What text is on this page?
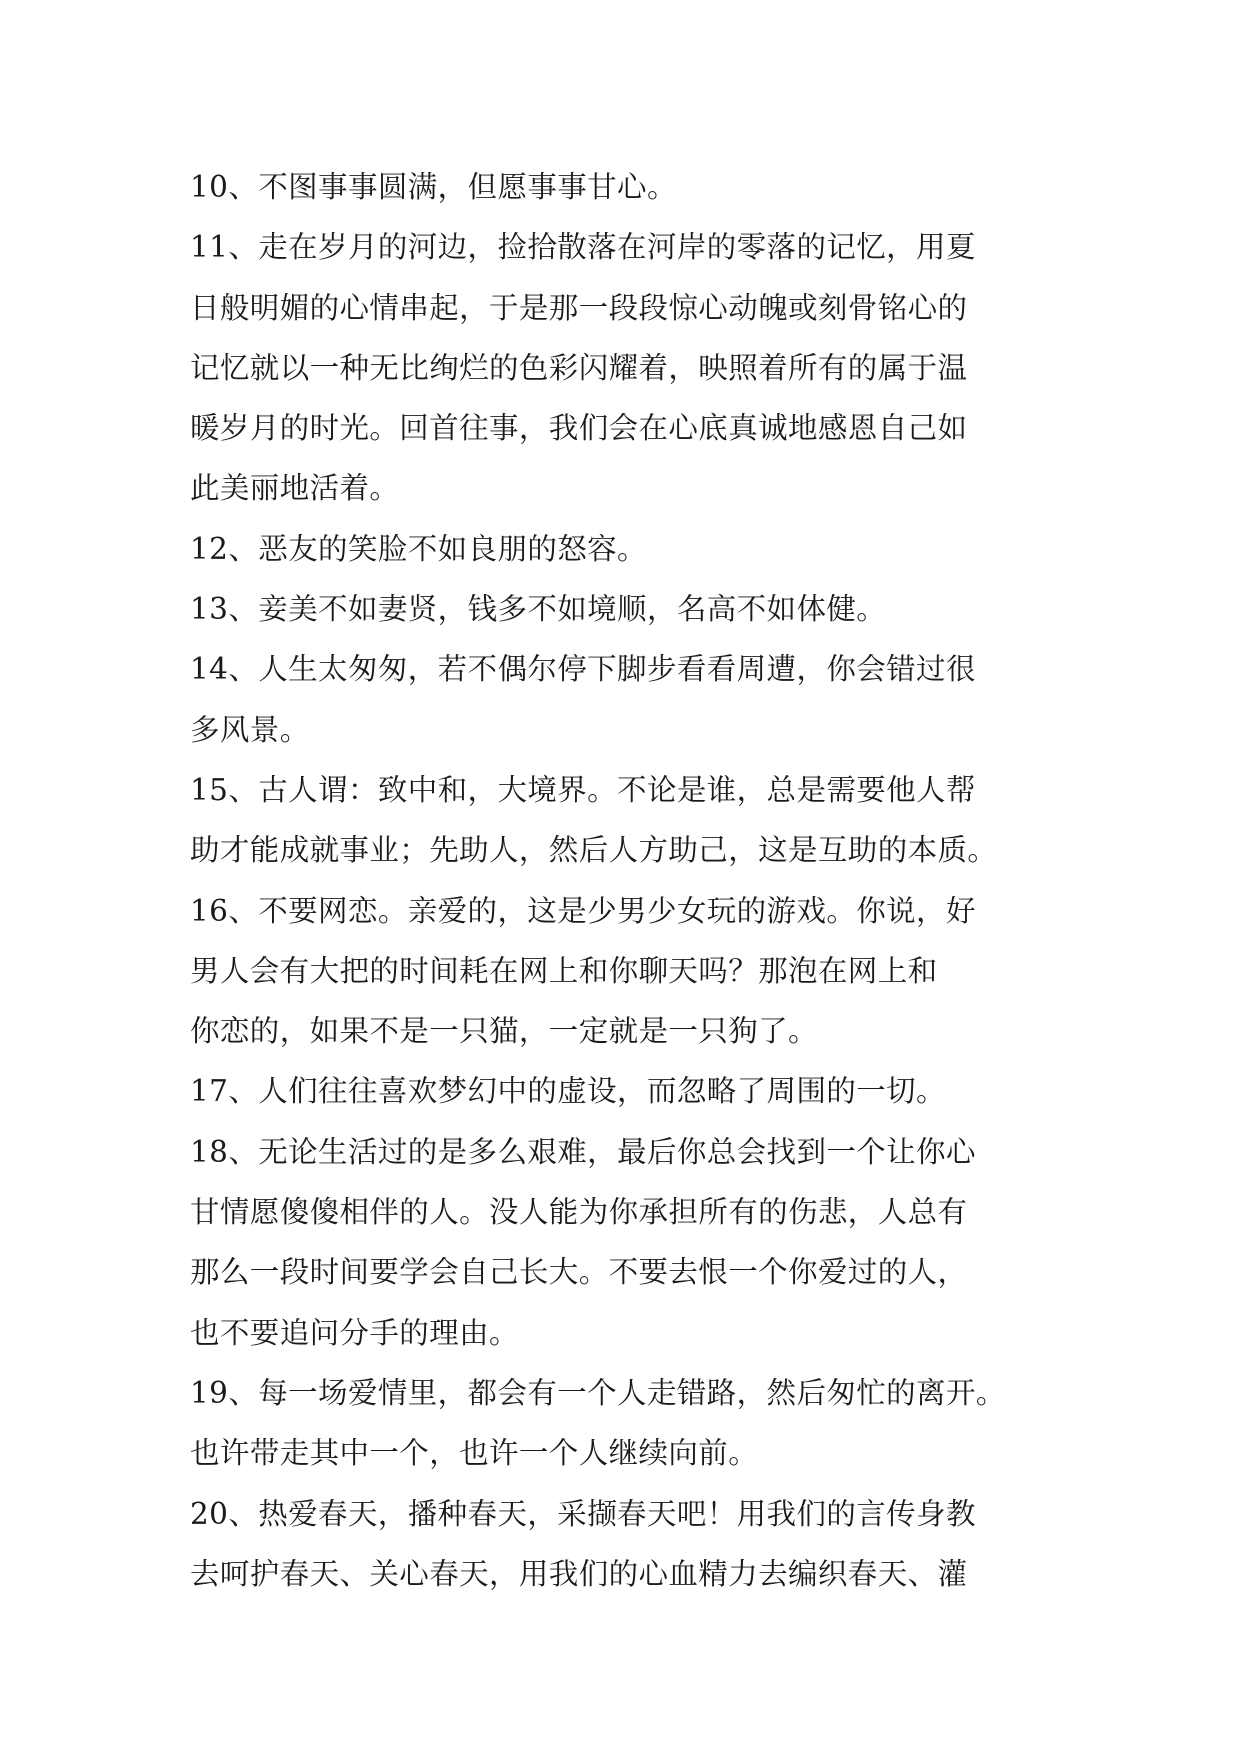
10、不图事事圆满，但愿事事甘心。
11、走在岁月的河边，捡拾散落在河岸的零落的记忆，用夏
日般明媚的心情串起，于是那一段段惊心动魄或刻骨铭心的
记忆就以一种无比绚烂的色彩闪耀着，映照着所有的属于温
暖岁月的时光。回首往事，我们会在心底真诚地感恩自己如
此美丽地活着。
12、恶友的笑脸不如良朋的怒容。
13、妾美不如妻贤，钱多不如境顺，名高不如体健。
14、人生太匆匆，若不偶尔停下脚步看看周遭，你会错过很
多风景。
15、古人谓：致中和，大境界。不论是谁，总是需要他人帮
助才能成就事业；先助人，然后人方助己，这是互助的本质。
16、不要网恋。亲爱的，这是少男少女玩的游戏。你说，好
男人会有大把的时间耗在网上和你聊天吗？那泡在网上和
你恋的，如果不是一只猫，一定就是一只狗了。
17、人们往往喜欢梦幻中的虚设，而忽略了周围的一切。
18、无论生活过的是多么艰难，最后你总会找到一个让你心
甘情愿傻傻相伴的人。没人能为你承担所有的伤悲，人总有
那么一段时间要学会自己长大。不要去恨一个你爱过的人，
也不要追问分手的理由。
19、每一场爱情里，都会有一个人走错路，然后匆忙的离开。
也许带走其中一个，也许一个人继续向前。
20、热爱春天，播种春天，采撷春天吧！用我们的言传身教
去呵护春天、关心春天，用我们的心血精力去编织春天、灌
